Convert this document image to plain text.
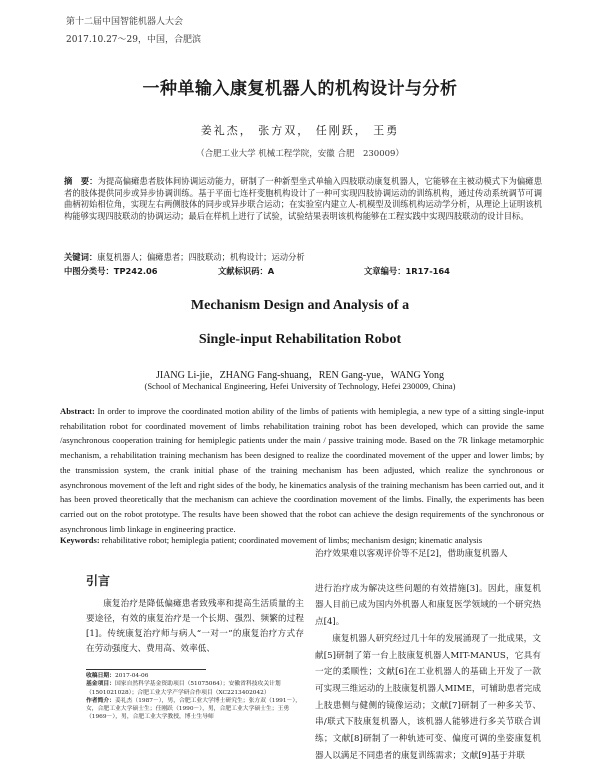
第十二届中国智能机器人大会
2017.10.27～29，中国，合肥滨
一种单输入康复机器人的机构设计与分析
姜礼杰， 张方双， 任刚跃， 王勇
（合肥工业大学 机械工程学院，安徽 合肥　230009）
摘　要：为提高偏瘫患者肢体间协调运动能力，研制了一种新型坐式单输入四肢联动康复机器人，它能够在主被动模式下为偏瘫患者的肢体提供同步或异步协调训练。基于平面七连杆变胞机构设计了一种可实现四肢协调运动的训练机构，通过传动系统调节可调曲柄初始相位角，实现左右两侧肢体的同步或异步联合运动；在实验室内建立人-机模型及训练机构运动学分析，从理论上证明该机构能够实现四肢联动的协调运动；最后在样机上进行了试验，试验结果表明该机构能够在工程实践中实现四肢联动的设计目标。
关键词：康复机器人；偏瘫患者；四肢联动；机构设计；运动分析
中图分类号：TP242.06	文献标识码：A	文章编号：1R17-164
Mechanism Design and Analysis of a
Single-input Rehabilitation Robot
JIANG Li-jie，ZHANG Fang-shuang，REN Gang-yue，WANG Yong
(School of Mechanical Engineering, Hefei University of Technology, Hefei 230009, China)
Abstract: In order to improve the coordinated motion ability of the limbs of patients with hemiplegia, a new type of a sitting single-input rehabilitation robot for coordinated movement of limbs rehabilitation training robot has been developed, which can provide the same /asynchronous cooperation training for hemiplegic patients under the main / passive training mode. Based on the 7R linkage metamorphic mechanism, a rehabilitation training mechanism has been designed to realize the coordinated movement of the upper and lower limbs; by the transmission system, the crank initial phase of the training mechanism has been adjusted, which realize the synchronous or asynchronous movement of the left and right sides of the body, he kinematics analysis of the training mechanism has been carried out, and it has been proved theoretically that the mechanism can achieve the coordination movement of the limbs. Finally, the experiments has been carried out on the robot prototype. The results have been showed that the robot can achieve the design requirements of the synchronous or asynchronous limb linkage in engineering practice.
Keywords: rehabilitative robot; hemiplegia patient; coordinated movement of limbs; mechanism design; kinematic analysis
引言

康复治疗是降低偏瘫患者致残率和提高生活质量的主要途径，有效的康复治疗是一个长期、强烈、频繁的过程[1]。传统康复治疗师与病人“一对一”的康复治疗方式存在劳动强度大、费用高、效率低、

收稿日期：2017-04-06
基金项目：国家自然科学基金资助项目（51075064）；安徽省科技攻关计划（1501021028）；合肥工业大学产学研合作项目（XC2213402042）
作者简介：姜礼杰（1987－），男，合肥工业大学博士研究生；张方双（1991－），女，合肥工业大学硕士生；任刚跃（1990－），男，合肥工业大学硕士生；王勇（1969－），男，合肥工业大学教授，博士生导师

治疗效果难以客观评价等不足[2]，借助康复机器人

进行治疗成为解决这些问题的有效措施[3]。因此，康复机器人目前已成为国内外机器人和康复医学领域的一个研究热点[4]。

康复机器人研究经过几十年的发展涌现了一批成果，文献[5]研制了第一台上肢康复机器人MIT-MANUS，它具有一定的柔顺性；文献[6]在工业机器人的基础上开发了一款可实现三维运动的上肢康复机器人MIME，可辅助患者完成上肢患侧与健侧的镜像运动；文献[7]研制了一种多关节、串/联式下肢康复机器人，该机器人能够进行多关节联合训练；文献[8]研制了一种轨迹可变、偏度可调的坐姿康复机器人以满足不同患者的康复训练需求；文献[9]基于并联
